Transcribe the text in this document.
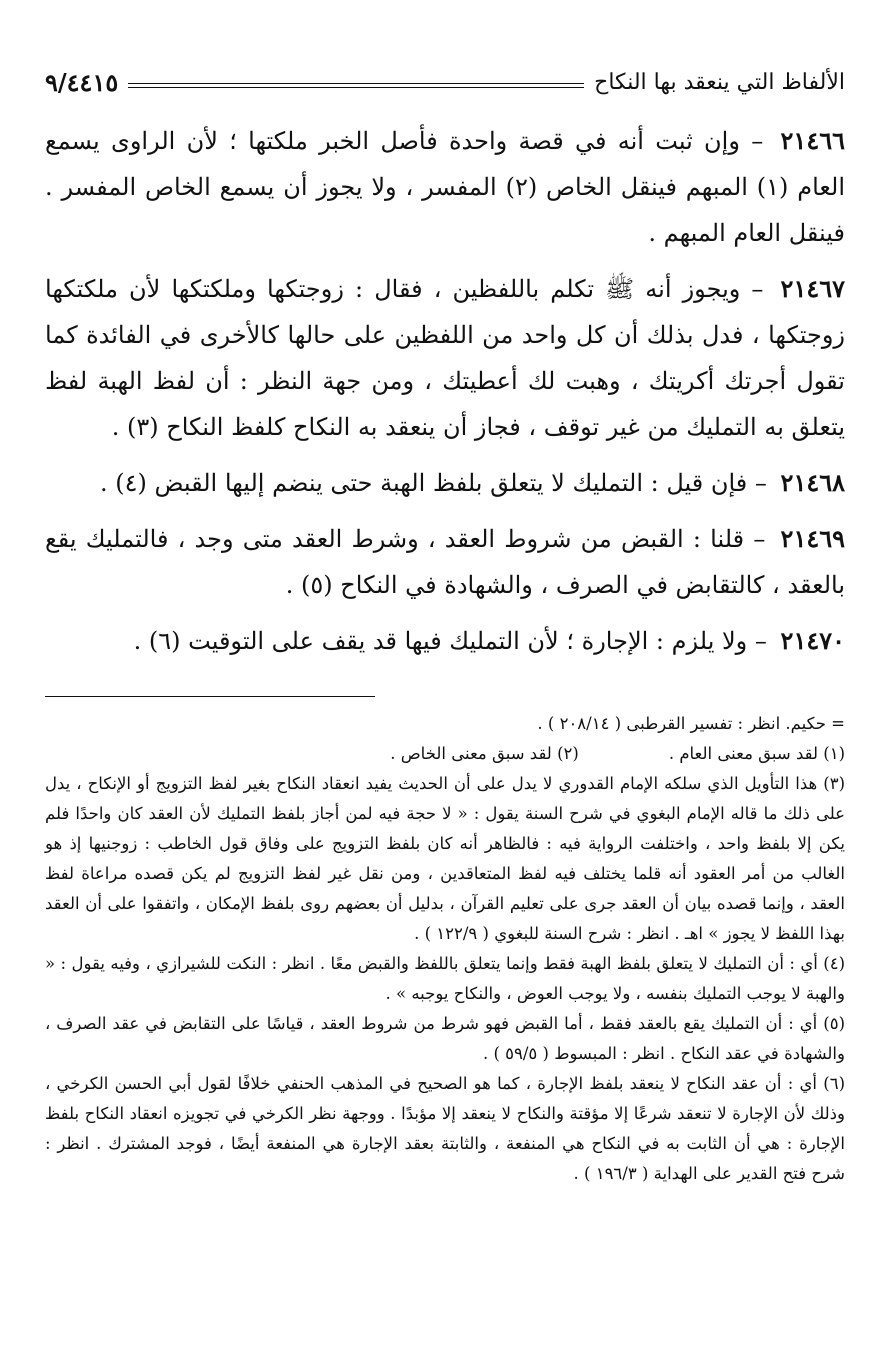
الألفاظ التي ينعقد بها النكاح
٩/٤٤١٥

٢١٤٦٦ – وإن ثبت أنه في قصة واحدة فأصل الخبر ملكتها ؛ لأن الراوى يسمع العام (١) المبهم فينقل الخاص (٢) المفسر ، ولا يجوز أن يسمع الخاص المفسر . فينقل العام المبهم .

٢١٤٦٧ – ويجوز أنه ﷺ تكلم باللفظين ، فقال : زوجتكها وملكتكها لأن ملكتكها زوجتكها ، فدل بذلك أن كل واحد من اللفظين على حالها كالأخرى في الفائدة كما تقول أجرتك أكريتك ، وهبت لك أعطيتك ، ومن جهة النظر : أن لفظ الهبة لفظ يتعلق به التمليك من غير توقف ، فجاز أن ينعقد به النكاح كلفظ النكاح (٣) .

٢١٤٦٨ – فإن قيل : التمليك لا يتعلق بلفظ الهبة حتى ينضم إليها القبض (٤) .

٢١٤٦٩ – قلنا : القبض من شروط العقد ، وشرط العقد متى وجد ، فالتمليك يقع بالعقد ، كالتقابض في الصرف ، والشهادة في النكاح (٥) .

٢١٤٧٠ – ولا يلزم : الإجارة ؛ لأن التمليك فيها قد يقف على التوقيت (٦) .

= حكيم. انظر : تفسير القرطبى ( ٢٠٨/١٤ ) .

(١) لقد سبق معنى العام .
(٢) لقد سبق معنى الخاص .

(٣) هذا التأويل الذي سلكه الإمام القدوري لا يدل على أن الحديث يفيد انعقاد النكاح بغير لفظ التزويج أو الإنكاح ، يدل على ذلك ما قاله الإمام البغوي في شرح السنة يقول : « لا حجة فيه لمن أجاز بلفظ التمليك لأن العقد كان واحدًا فلم يكن إلا بلفظ واحد ، واختلفت الرواية فيه : فالظاهر أنه كان بلفظ التزويج على وفاق قول الخاطب : زوجنيها إذ هو الغالب من أمر العقود أنه قلما يختلف فيه لفظ المتعاقدين ، ومن نقل غير لفظ التزويج لم يكن قصده مراعاة لفظ العقد ، وإنما قصده بيان أن العقد جرى على تعليم القرآن ، بدليل أن بعضهم روى بلفظ الإمكان ، واتفقوا على أن العقد بهذا اللفظ لا يجوز » اهـ . انظر : شرح السنة للبغوي ( ١٢٢/٩ ) .

(٤) أي : أن التمليك لا يتعلق بلفظ الهبة فقط وإنما يتعلق باللفظ والقبض معًا . انظر : النكت للشيرازي ، وفيه يقول : « والهبة لا يوجب التمليك بنفسه ، ولا يوجب العوض ، والنكاح يوجبه » .

(٥) أي : أن التمليك يقع بالعقد فقط ، أما القبض فهو شرط من شروط العقد ، قياسًا على التقابض في عقد الصرف ، والشهادة في عقد النكاح . انظر : المبسوط ( ٥٩/٥ ) .

(٦) أي : أن عقد النكاح لا ينعقد بلفظ الإجارة ، كما هو الصحيح في المذهب الحنفي خلافًا لقول أبي الحسن الكرخي ، وذلك لأن الإجارة لا تنعقد شرعًا إلا مؤقتة والنكاح لا ينعقد إلا مؤبدًا . ووجهة نظر الكرخي في تجويزه انعقاد النكاح بلفظ الإجارة : هي أن الثابت به في النكاح هي المنفعة ، والثابتة بعقد الإجارة هي المنفعة أيضًا ، فوجد المشترك . انظر : شرح فتح القدير على الهداية ( ١٩٦/٣ ) .
